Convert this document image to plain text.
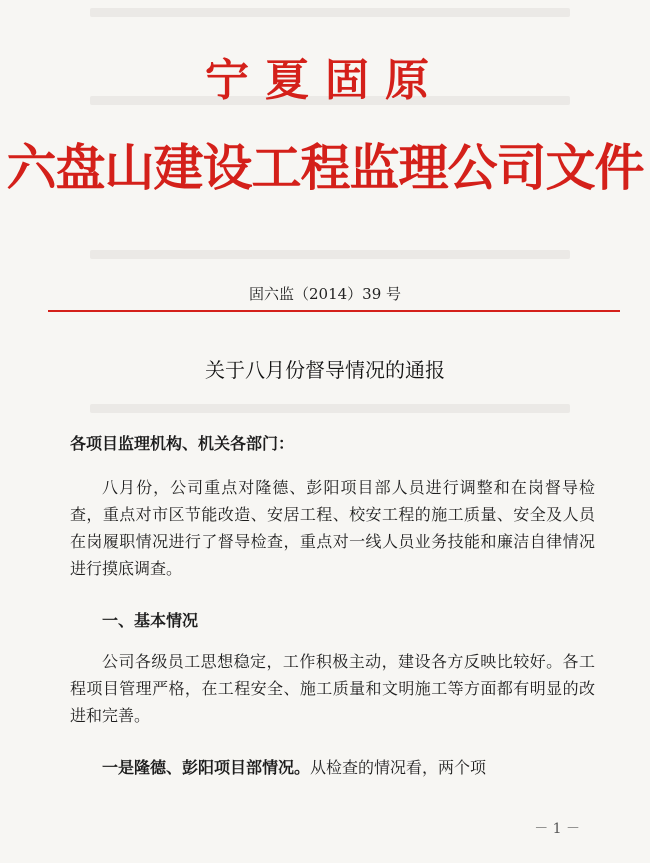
宁夏固原
六盘山建设工程监理公司文件
固六监（2014）39 号
关于八月份督导情况的通报
各项目监理机构、机关各部门：
八月份，公司重点对隆德、彭阳项目部人员进行调整和在岗督导检查，重点对市区节能改造、安居工程、校安工程的施工质量、安全及人员在岗履职情况进行了督导检查，重点对一线人员业务技能和廉洁自律情况进行摸底调查。
一、基本情况
公司各级员工思想稳定，工作积极主动，建设各方反映比较好。各工程项目管理严格，在工程安全、施工质量和文明施工等方面都有明显的改进和完善。
一是隆德、彭阳项目部情况。从检查的情况看，两个项
－ 1 －
